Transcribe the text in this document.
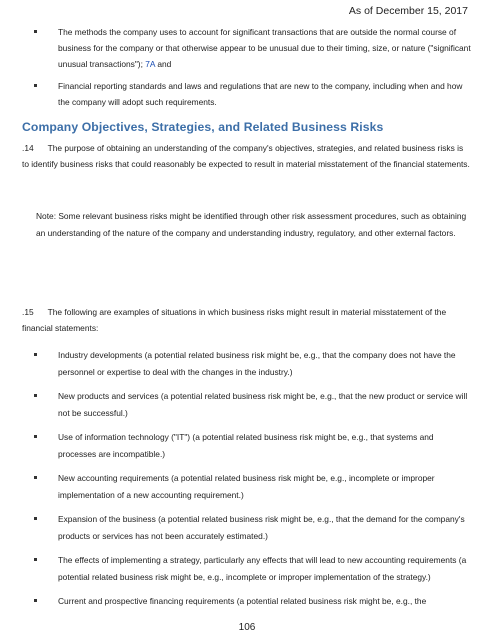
As of December 15, 2017
The methods the company uses to account for significant transactions that are outside the normal course of business for the company or that otherwise appear to be unusual due to their timing, size, or nature ("significant unusual transactions"); 7A and
Financial reporting standards and laws and regulations that are new to the company, including when and how the company will adopt such requirements.
Company Objectives, Strategies, and Related Business Risks
.14 The purpose of obtaining an understanding of the company's objectives, strategies, and related business risks is to identify business risks that could reasonably be expected to result in material misstatement of the financial statements.
Note: Some relevant business risks might be identified through other risk assessment procedures, such as obtaining an understanding of the nature of the company and understanding industry, regulatory, and other external factors.
.15 The following are examples of situations in which business risks might result in material misstatement of the financial statements:
Industry developments (a potential related business risk might be, e.g., that the company does not have the personnel or expertise to deal with the changes in the industry.)
New products and services (a potential related business risk might be, e.g., that the new product or service will not be successful.)
Use of information technology ("IT") (a potential related business risk might be, e.g., that systems and processes are incompatible.)
New accounting requirements (a potential related business risk might be, e.g., incomplete or improper implementation of a new accounting requirement.)
Expansion of the business (a potential related business risk might be, e.g., that the demand for the company's products or services has not been accurately estimated.)
The effects of implementing a strategy, particularly any effects that will lead to new accounting requirements (a potential related business risk might be, e.g., incomplete or improper implementation of the strategy.)
Current and prospective financing requirements (a potential related business risk might be, e.g., the
106
